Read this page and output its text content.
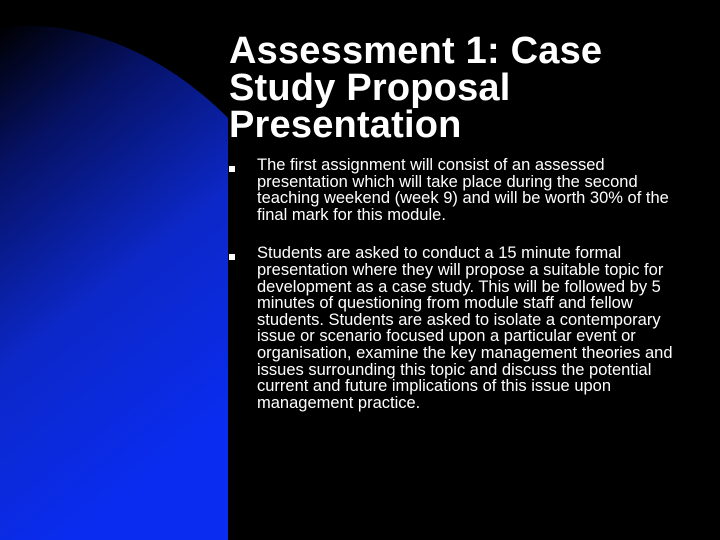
Assessment 1: Case Study Proposal Presentation
The first assignment will consist of an assessed presentation which will take place during the second teaching weekend (week 9) and will be worth 30% of the final mark for this module.
Students are asked to conduct a 15 minute formal presentation where they will propose a suitable topic for development as a case study. This will be followed by 5 minutes of questioning from module staff and fellow students. Students are asked to isolate a contemporary issue or scenario focused upon a particular event or organisation, examine the key management theories and issues surrounding this topic and discuss the potential current and future implications of this issue upon management practice.
